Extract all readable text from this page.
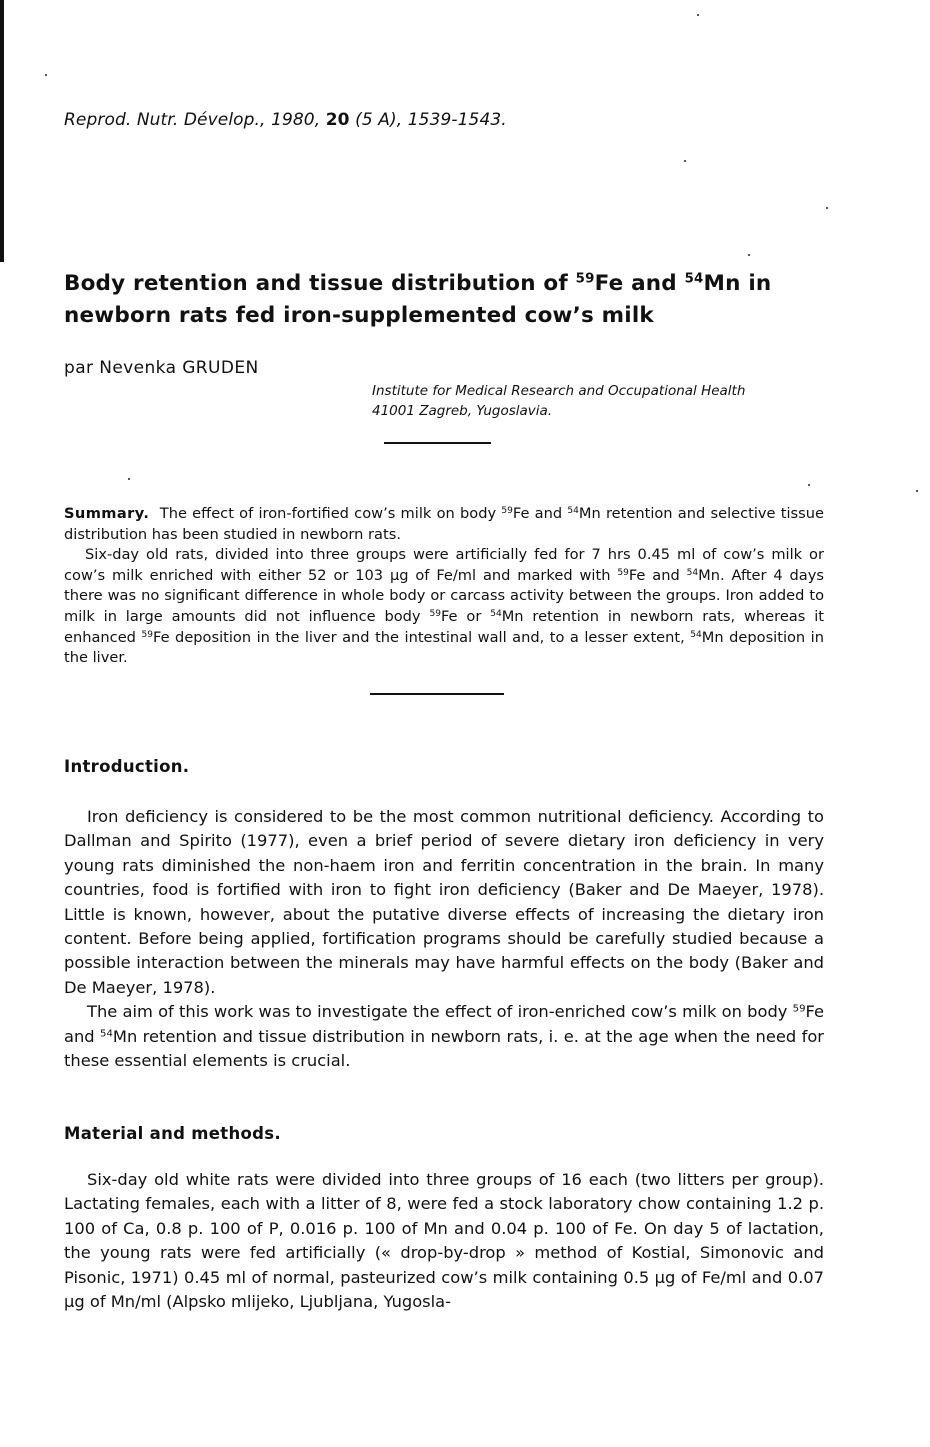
Reprod. Nutr. Dévelop., 1980, 20 (5 A), 1539-1543.
Body retention and tissue distribution of $^{59}$Fe and $^{54}$Mn in newborn rats fed iron-supplemented cow’s milk
par Nevenka GRUDEN
Institute for Medical Research and Occupational Health
41001 Zagreb, Yugoslavia.

Summary. The effect of iron-fortified cow’s milk on body $^{59}$Fe and $^{54}$Mn retention and selective tissue distribution has been studied in newborn rats.

Six-day old rats, divided into three groups were artificially fed for 7 hrs 0.45 ml of cow’s milk or cow’s milk enriched with either 52 or 103 µg of Fe/ml and marked with $^{59}$Fe and $^{54}$Mn. After 4 days there was no significant difference in whole body or carcass activity between the groups. Iron added to milk in large amounts did not influence body $^{59}$Fe or $^{54}$Mn retention in newborn rats, whereas it enhanced $^{59}$Fe deposition in the liver and the intestinal wall and, to a lesser extent, $^{54}$Mn deposition in the liver.

Introduction.

Iron deficiency is considered to be the most common nutritional deficiency. According to Dallman and Spirito (1977), even a brief period of severe dietary iron deficiency in very young rats diminished the non-haem iron and ferritin concentration in the brain. In many countries, food is fortified with iron to fight iron deficiency (Baker and De Maeyer, 1978). Little is known, however, about the putative diverse effects of increasing the dietary iron content. Before being applied, fortification programs should be carefully studied because a possible interaction between the minerals may have harmful effects on the body (Baker and De Maeyer, 1978).

The aim of this work was to investigate the effect of iron-enriched cow’s milk on body $^{59}$Fe and $^{54}$Mn retention and tissue distribution in newborn rats, i. e. at the age when the need for these essential elements is crucial.

Material and methods.

Six-day old white rats were divided into three groups of 16 each (two litters per group). Lactating females, each with a litter of 8, were fed a stock laboratory chow containing 1.2 p. 100 of Ca, 0.8 p. 100 of P, 0.016 p. 100 of Mn and 0.04 p. 100 of Fe. On day 5 of lactation, the young rats were fed artificially (« drop-by-drop » method of Kostial, Simonovic and Pisonic, 1971) 0.45 ml of normal, pasteurized cow’s milk containing 0.5 µg of Fe/ml and 0.07 µg of Mn/ml (Alpsko mlijeko, Ljubljana, Yugosla-
